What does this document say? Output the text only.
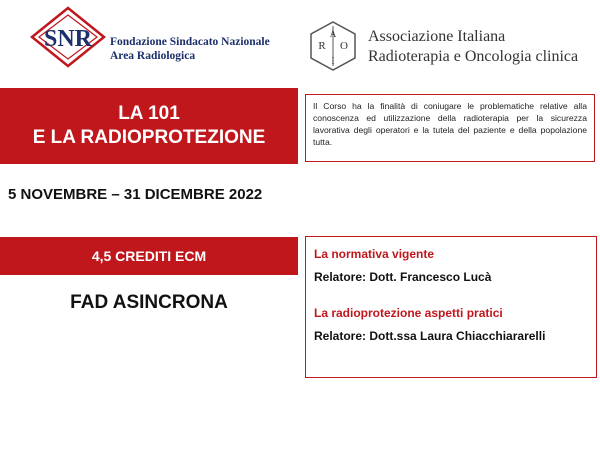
SNR Fondazione Sindacato Nazionale
Area Radiologica
R O
A
I
Associazione Italiana
Radioterapia e Oncologia clinica
LA 101
E LA RADIOPROTEZIONE
Il Corso ha la finalità di coniugare le problematiche relative alla conoscenza ed utilizzazione della radioterapia per la sicurezza lavorativa degli operatori e la tutela del paziente e della popolazione tutta.
5 NOVEMBRE – 31 DICEMBRE 2022
4,5 CREDITI ECM
FAD ASINCRONA

La normativa vigente

Relatore: Dott. Francesco Lucà

La radioprotezione aspetti pratici

Relatore: Dott.ssa Laura Chiacchiararelli
